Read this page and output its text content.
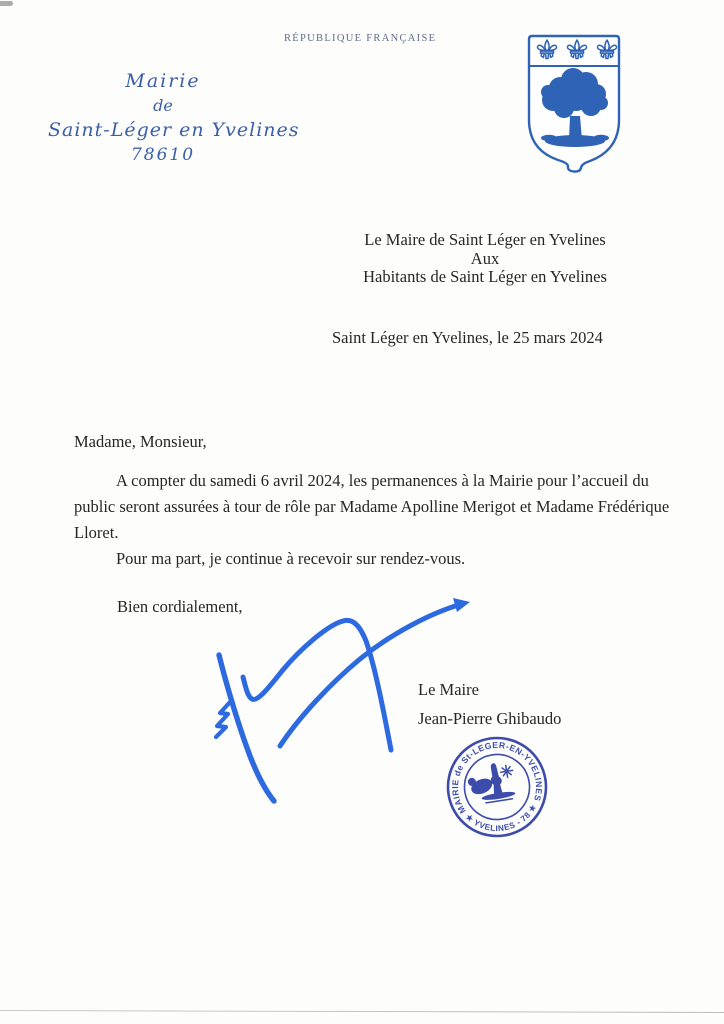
RÉPUBLIQUE FRANÇAISE
Mairie
de
Saint-Léger en Yvelines
78610
Le Maire de Saint Léger en Yvelines
Aux
Habitants de Saint Léger en Yvelines
Saint Léger en Yvelines, le 25 mars 2024
Madame, Monsieur,
A compter du samedi 6 avril 2024, les permanences à la Mairie pour l’accueil du
public seront assurées à tour de rôle par Madame Apolline Merigot et Madame Frédérique
Lloret.
Pour ma part, je continue à recevoir sur rendez-vous.
Bien cordialement,
Le Maire
Jean-Pierre Ghibaudo
MAIRIE de St-LEGER-EN-YVELINES
★ YVELINES - 78 ★
